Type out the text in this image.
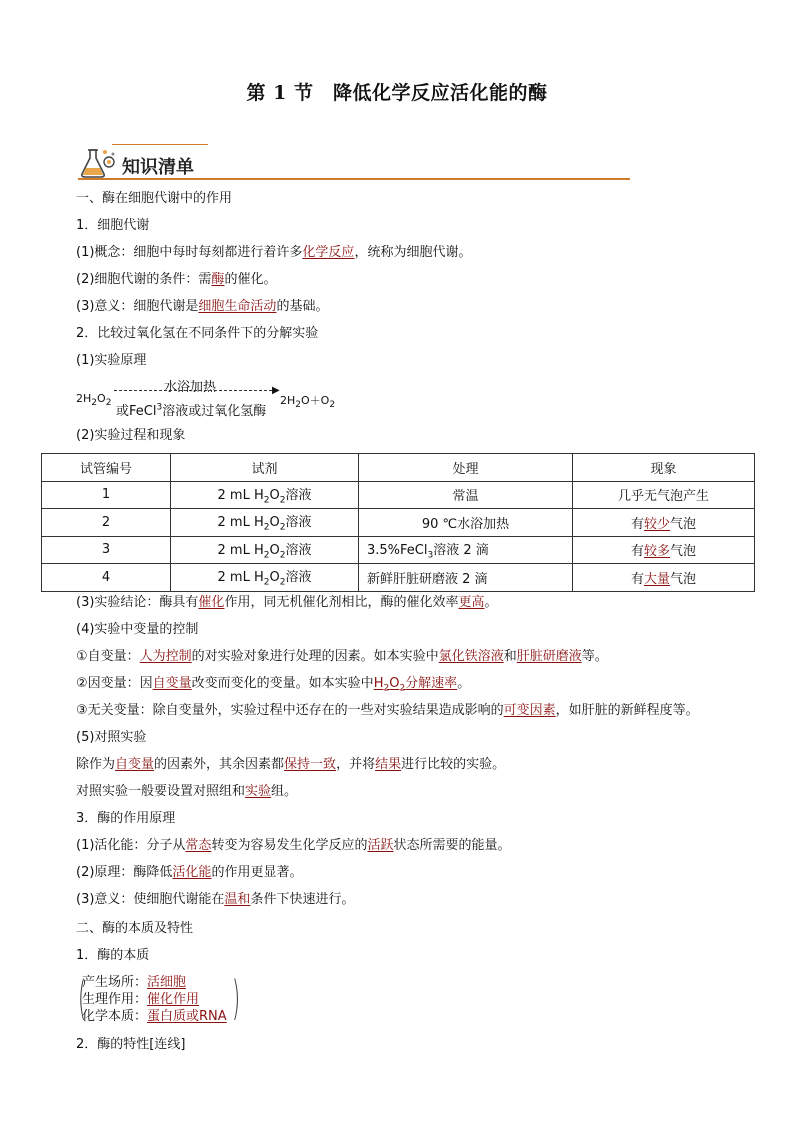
第 1 节　降低化学反应活化能的酶
知识清单
一、酶在细胞代谢中的作用
1．细胞代谢
(1)概念：细胞中每时每刻都进行着许多化学反应，统称为细胞代谢。
(2)细胞代谢的条件：需酶的催化。
(3)意义：细胞代谢是细胞生命活动的基础。
2．比较过氧化氢在不同条件下的分解实验
(1)实验原理
$2H_2O_2$
水浴加热	▶
或FeCl$^3$溶液或过氧化氢酶
$2H_2O+O_2$
(2)实验过程和现象
试管编号	试剂	处理	现象
1	2 mL $H_2O_2$溶液	常温	几乎无气泡产生
2	2 mL $H_2O_2$溶液	90 ℃水浴加热	有较少气泡
3	2 mL $H_2O_2$溶液	3.5%FeCl$_3$溶液 2 滴	有较多气泡
4	2 mL $H_2O_2$溶液	新鲜肝脏研磨液 2 滴	有大量气泡
(3)实验结论：酶具有催化作用，同无机催化剂相比，酶的催化效率更高。
(4)实验中变量的控制
①自变量：人为控制的对实验对象进行处理的因素。如本实验中氯化铁溶液和肝脏研磨液等。
②因变量：因自变量改变而变化的变量。如本实验中$H_2O_2$分解速率。
③无关变量：除自变量外，实验过程中还存在的一些对实验结果造成影响的可变因素，如肝脏的新鲜程度等。
(5)对照实验
除作为自变量的因素外，其余因素都保持一致，并将结果进行比较的实验。
对照实验一般要设置对照组和实验组。
3．酶的作用原理
(1)活化能：分子从常态转变为容易发生化学反应的活跃状态所需要的能量。
(2)原理：酶降低活化能的作用更显著。
(3)意义：使细胞代谢能在温和条件下快速进行。
二、酶的本质及特性
1．酶的本质
(
产生场所：活细胞
生理作用：催化作用
化学本质：蛋白质或RNA )
2．酶的特性[连线]
